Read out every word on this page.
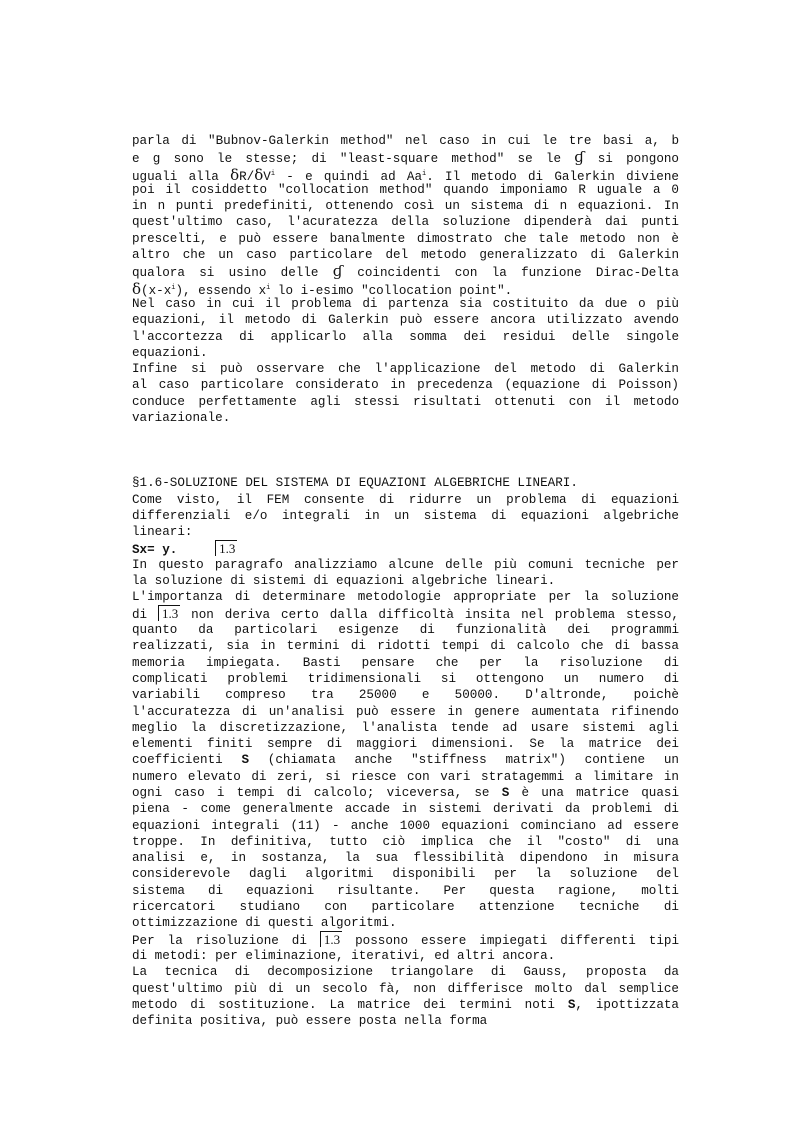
parla di "Bubnov-Galerkin method" nel caso in cui le tre basi a, b
e g sono le stesse; di "least-square method" se le ɠ si pongono
uguali alla $\delta R/\delta V^i$ - e quindi ad Aa$^i$. Il metodo di Galerkin diviene
poi il cosiddetto "collocation method" quando imponiamo R uguale a 0
in n punti predefiniti, ottenendo così un sistema di n equazioni. In
quest'ultimo caso, l'acuratezza della soluzione dipenderà dai punti
prescelti, e può essere banalmente dimostrato che tale metodo non è
altro che un caso particolare del metodo generalizzato di Galerkin
qualora si usino delle ɠ coincidenti con la funzione Dirac-Delta
$\delta(x-x^i)$, essendo $x^i$ lo i-esimo "collocation point".
Nel caso in cui il problema di partenza sia costituito da due o più
equazioni, il metodo di Galerkin può essere ancora utilizzato avendo
l'accortezza di applicarlo alla somma dei residui delle singole
equazioni.
Infine si può osservare che l'applicazione del metodo di Galerkin
al caso particolare considerato in precedenza (equazione di Poisson)
conduce perfettamente agli stessi risultati ottenuti con il metodo
variazionale.
§1.6-SOLUZIONE DEL SISTEMA DI EQUAZIONI ALGEBRICHE LINEARI.
Come visto, il FEM consente di ridurre un problema di equazioni
differenziali e/o integrali in un sistema di equazioni algebriche
lineari:
Sx= y.	1.3
In questo paragrafo analizziamo alcune delle più comuni tecniche per
la soluzione di sistemi di equazioni algebriche lineari.
L'importanza di determinare metodologie appropriate per la soluzione
di 1.3 non deriva certo dalla difficoltà insita nel problema stesso,
quanto da particolari esigenze di funzionalità dei programmi
realizzati, sia in termini di ridotti tempi di calcolo che di bassa
memoria impiegata. Basti pensare che per la risoluzione di
complicati problemi tridimensionali si ottengono un numero di
variabili compreso tra 25000 e 50000. D'altronde, poichè
l'accuratezza di un'analisi può essere in genere aumentata rifinendo
meglio la discretizzazione, l'analista tende ad usare sistemi agli
elementi finiti sempre di maggiori dimensioni. Se la matrice dei
coefficienti S (chiamata anche "stiffness matrix") contiene un
numero elevato di zeri, si riesce con vari stratagemmi a limitare in
ogni caso i tempi di calcolo; viceversa, se S è una matrice quasi
piena - come generalmente accade in sistemi derivati da problemi di
equazioni integrali (11) - anche 1000 equazioni cominciano ad essere
troppe. In definitiva, tutto ciò implica che il "costo" di una
analisi e, in sostanza, la sua flessibilità dipendono in misura
considerevole dagli algoritmi disponibili per la soluzione del
sistema di equazioni risultante. Per questa ragione, molti
ricercatori studiano con particolare attenzione tecniche di
ottimizzazione di questi algoritmi.
Per la risoluzione di 1.3 possono essere impiegati differenti tipi
di metodi: per eliminazione, iterativi, ed altri ancora.
La tecnica di decomposizione triangolare di Gauss, proposta da
quest'ultimo più di un secolo fà, non differisce molto dal semplice
metodo di sostituzione. La matrice dei termini noti S, ipottizzata
definita positiva, può essere posta nella forma
